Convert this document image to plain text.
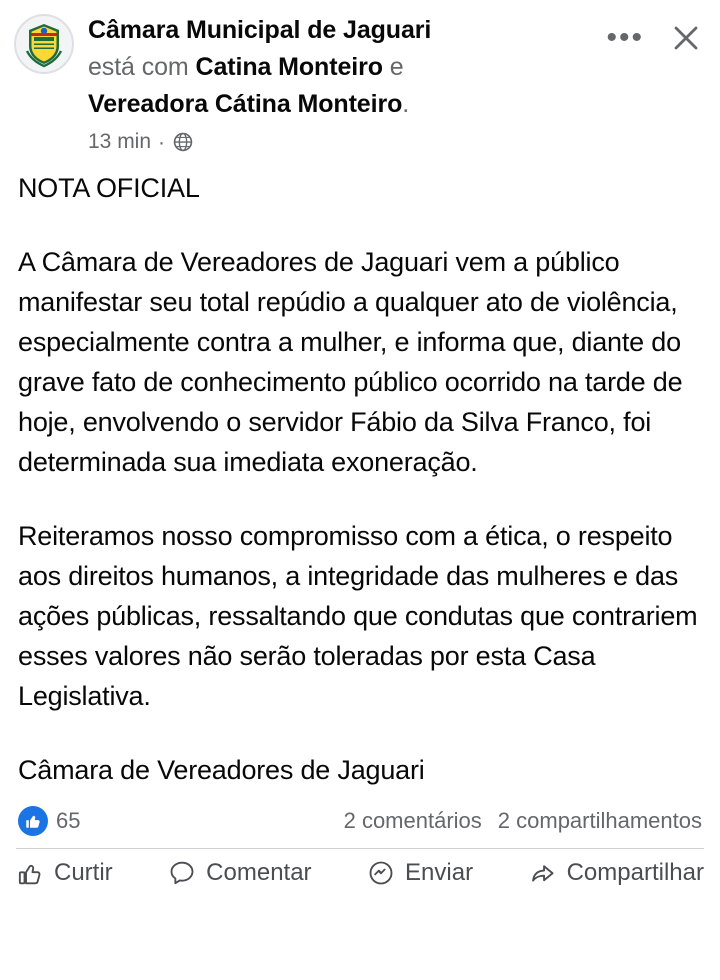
Câmara Municipal de Jaguari
está com Catina Monteiro e
Vereadora Cátina Monteiro.
13 min ·
•••

NOTA OFICIAL

A Câmara de Vereadores de Jaguari vem a público manifestar seu total repúdio a qualquer ato de violência, especialmente contra a mulher, e informa que, diante do grave fato de conhecimento público ocorrido na tarde de hoje, envolvendo o servidor Fábio da Silva Franco, foi determinada sua imediata exoneração.

Reiteramos nosso compromisso com a ética, o respeito aos direitos humanos, a integridade das mulheres e das ações públicas, ressaltando que condutas que contrariem esses valores não serão toleradas por esta Casa Legislativa.

Câmara de Vereadores de Jaguari

65	2 comentários 2 compartilhamentos
Curtir	Comentar	Enviar	Compartilhar
